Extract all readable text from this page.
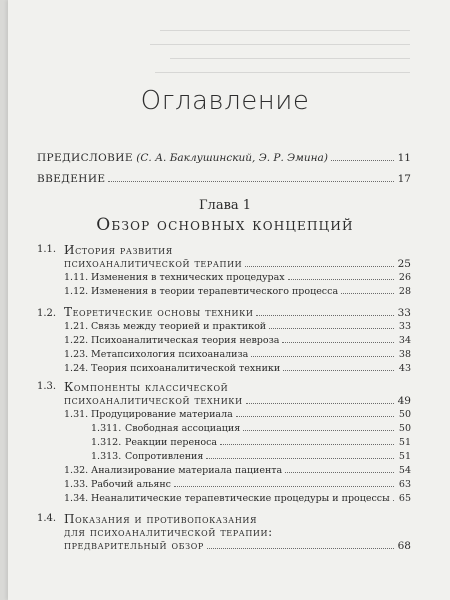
Оглавление
ПРЕДИСЛОВИЕ (С. А. Баклушинский, Э. Р. Эмина)	11
ВВЕДЕНИЕ	17
Глава 1
Обзор основных концепций
1.1. История развития
психоаналитической терапии	25
1.11. Изменения в технических процедурах	26
1.12. Изменения в теории терапевтического процесса	28
1.2. Теоретические основы техники	33
1.21. Связь между теорией и практикой	33
1.22. Психоаналитическая теория невроза	34
1.23. Метапсихология психоанализа	38
1.24. Теория психоаналитической техники	43
1.3. Компоненты классической
психоаналитической техники	49
1.31. Продуцирование материала	50
1.311. Свободная ассоциация	50
1.312. Реакции переноса	51
1.313. Сопротивления	51
1.32. Анализирование материала пациента	54
1.33. Рабочий альянс	63
1.34. Неаналитические терапевтические процедуры и процессы 65
1.4. Показания и противопоказания
для психоаналитической терапии:
предварительный обзор	68
